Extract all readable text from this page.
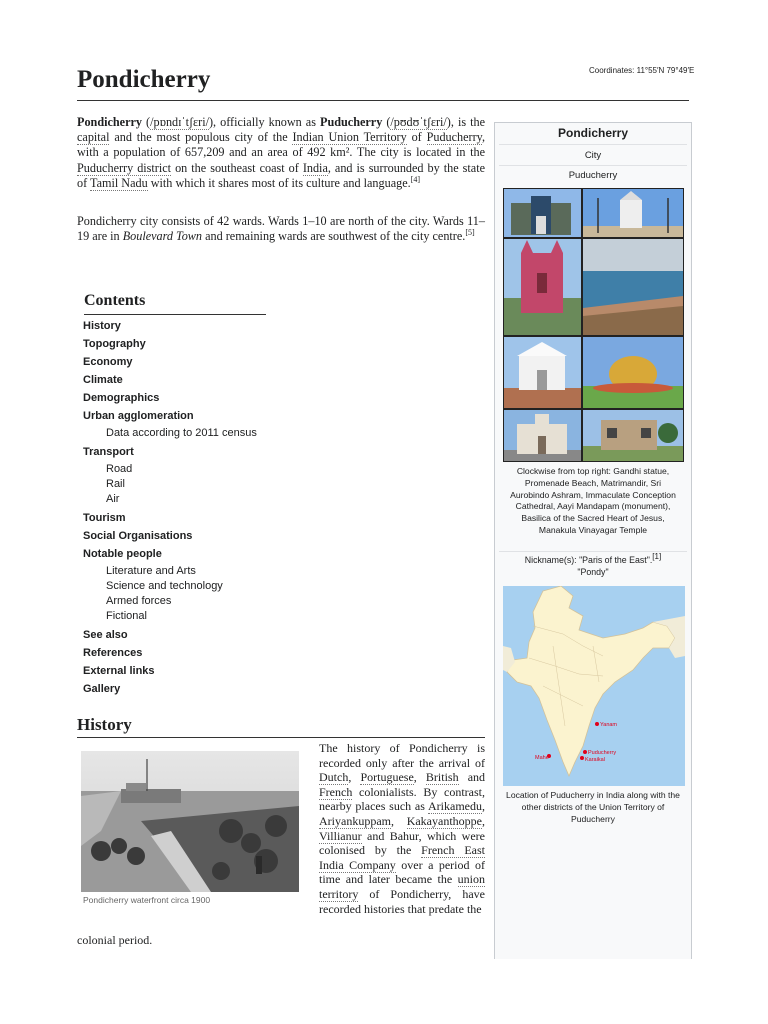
Coordinates: 11°55′N 79°49′E
Pondicherry

Pondicherry (/pɒndɪˈtʃɛri/), officially known as Puducherry (/pʊdʊˈtʃɛri/), is the capital and the most populous city of the Indian Union Territory of Puducherry, with a population of 657,209 and an area of 492 km². The city is located in the Puducherry district on the southeast coast of India, and is surrounded by the state of Tamil Nadu with which it shares most of its culture and language.[4]

Pondicherry city consists of 42 wards. Wards 1–10 are north of the city. Wards 11–19 are in Boulevard Town and remaining wards are southwest of the city centre.[5]

Contents
History
Topography
Economy
Climate
Demographics
Urban agglomeration
Data according to 2011 census
Transport
Road
Rail
Air
Tourism
Social Organisations
Notable people
Literature and Arts
Science and technology
Armed forces
Fictional
See also
References
External links
Gallery
History
Pondicherry waterfront circa 1900

The history of Pondicherry is recorded only after the arrival of Dutch, Portuguese, British and French colonialists. By contrast, nearby places such as Arikamedu, Ariyankuppam, Kakayanthoppe, Villianur and Bahur, which were colonised by the French East India Company over a period of time and later became the union territory of Pondicherry, have recorded histories that predate the

colonial period.
Pondicherry
City
Puducherry
Clockwise from top right: Gandhi statue, Promenade Beach, Matrimandir, Sri Aurobindo Ashram, Immaculate Conception Cathedral, Aayi Mandapam (monument), Basilica of the Sacred Heart of Jesus, Manakula Vinayagar Temple
Nickname(s): "Paris of the East".[1]
"Pondy"
Yanam
Mahé
Puducherry
Karaikal
Location of Puducherry in India along with the other districts of the Union Territory of Puducherry
